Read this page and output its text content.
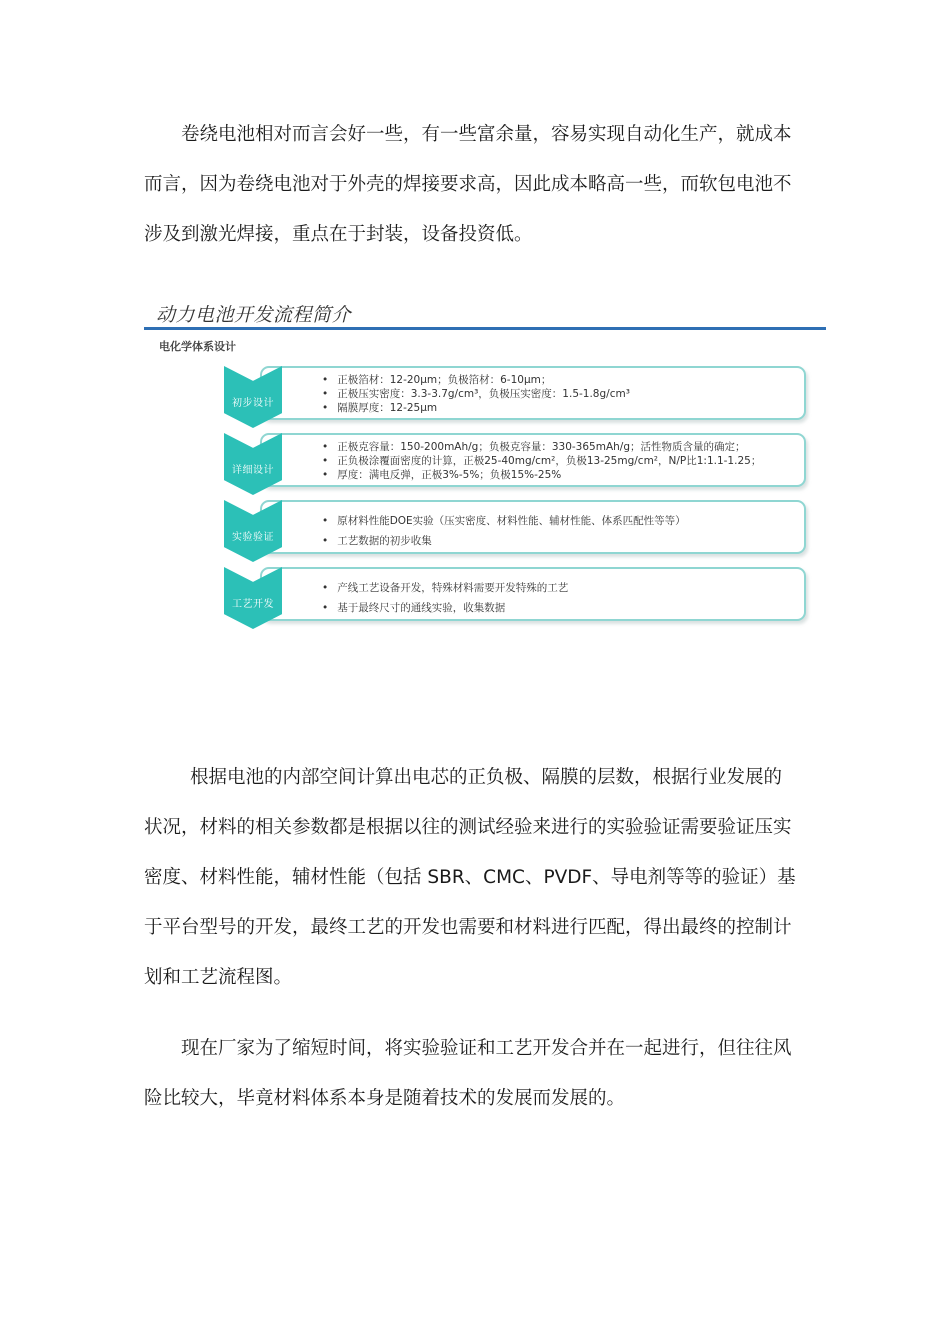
卷绕电池相对而言会好一些，有一些富余量，容易实现自动化生产，就成本
而言，因为卷绕电池对于外壳的焊接要求高，因此成本略高一些，而软包电池不
涉及到激光焊接，重点在于封装，设备投资低。
动力电池开发流程简介
电化学体系设计
初步设计
• 正极箔材：12-20μm；负极箔材：6-10μm；
• 正极压实密度：3.3-3.7g/cm³，负极压实密度：1.5-1.8g/cm³
• 隔膜厚度：12-25μm
详细设计
• 正极克容量：150-200mAh/g；负极克容量：330-365mAh/g；活性物质含量的确定；
• 正负极涂覆面密度的计算，正极25-40mg/cm²，负极13-25mg/cm²，N/P比1:1.1-1.25；
• 厚度：满电反弹，正极3%-5%；负极15%-25%
实验验证
• 原材料性能DOE实验（压实密度、材料性能、辅材性能、体系匹配性等等）
• 工艺数据的初步收集
工艺开发
• 产线工艺设备开发，特殊材料需要开发特殊的工艺
• 基于最终尺寸的通线实验，收集数据
根据电池的内部空间计算出电芯的正负极、隔膜的层数，根据行业发展的
状况，材料的相关参数都是根据以往的测试经验来进行的实验验证需要验证压实
密度、材料性能，辅材性能（包括 SBR、CMC、PVDF、导电剂等等的验证）基
于平台型号的开发，最终工艺的开发也需要和材料进行匹配，得出最终的控制计
划和工艺流程图。
现在厂家为了缩短时间，将实验验证和工艺开发合并在一起进行，但往往风
险比较大，毕竟材料体系本身是随着技术的发展而发展的。
